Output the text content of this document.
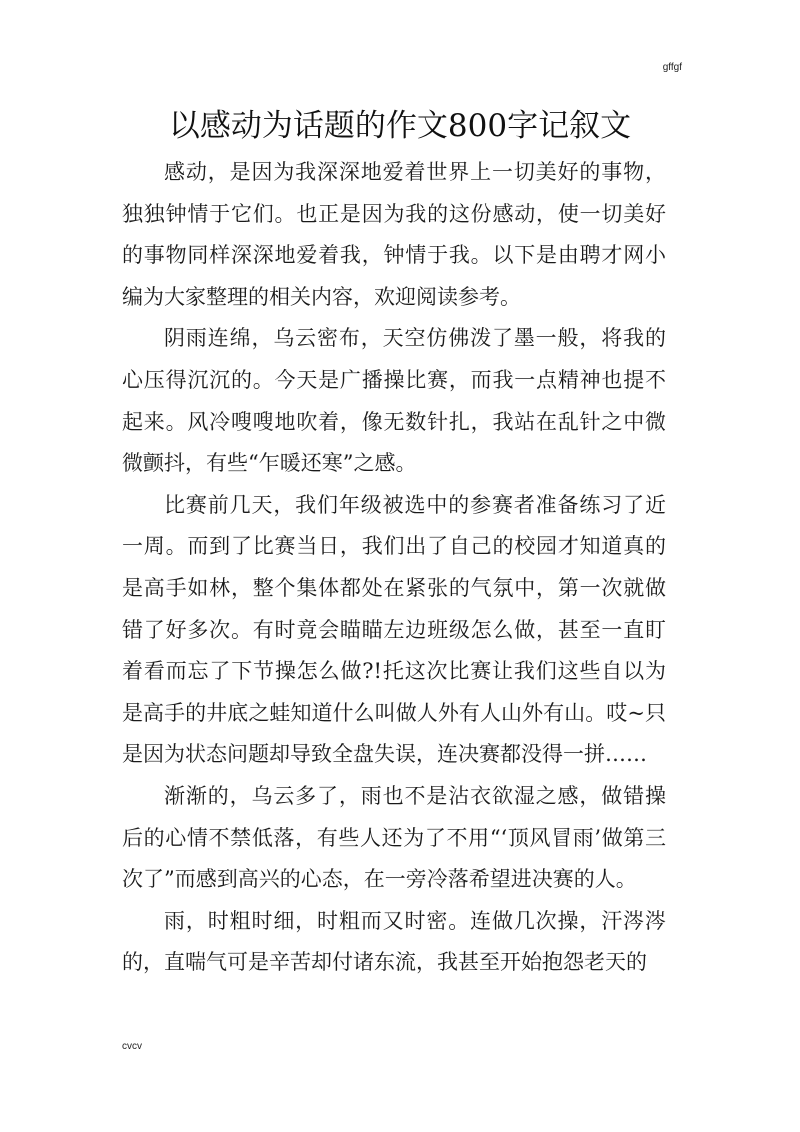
gffgf
以感动为话题的作文800字记叙文

感动，是因为我深深地爱着世界上一切美好的事物，独独钟情于它们。也正是因为我的这份感动，使一切美好的事物同样深深地爱着我，钟情于我。以下是由聘才网小编为大家整理的相关内容，欢迎阅读参考。

阴雨连绵，乌云密布，天空仿佛泼了墨一般，将我的心压得沉沉的。今天是广播操比赛，而我一点精神也提不起来。风冷嗖嗖地吹着，像无数针扎，我站在乱针之中微微颤抖，有些“乍暖还寒”之感。

比赛前几天，我们年级被选中的参赛者准备练习了近一周。而到了比赛当日，我们出了自己的校园才知道真的是高手如林，整个集体都处在紧张的气氛中，第一次就做错了好多次。有时竟会瞄瞄左边班级怎么做，甚至一直盯着看而忘了下节操怎么做?!托这次比赛让我们这些自以为是高手的井底之蛙知道什么叫做人外有人山外有山。哎~只是因为状态问题却导致全盘失误，连决赛都没得一拼……

渐渐的，乌云多了，雨也不是沾衣欲湿之感，做错操后的心情不禁低落，有些人还为了不用“‘顶风冒雨’做第三次了”而感到高兴的心态，在一旁冷落希望进决赛的人。

雨，时粗时细，时粗而又时密。连做几次操，汗涔涔的，直喘气可是辛苦却付诸东流，我甚至开始抱怨老天的

cvcv
